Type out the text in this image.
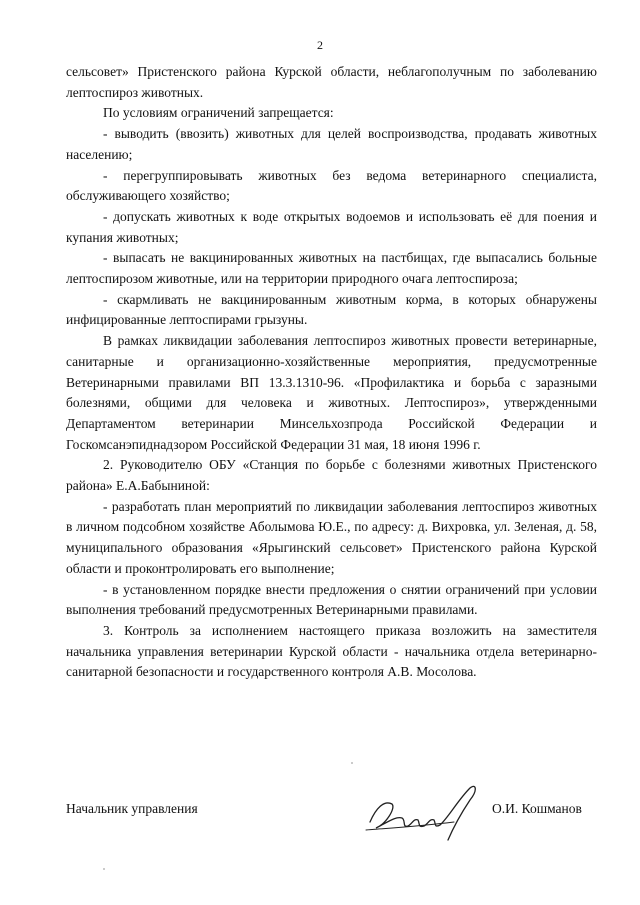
2

сельсовет» Пристенского района Курской области, неблагополучным по заболеванию лептоспироз животных.

По условиям ограничений запрещается:

- выводить (ввозить) животных для целей воспроизводства, продавать животных населению;

- перегруппировывать животных без ведома ветеринарного специалиста, обслуживающего хозяйство;

- допускать животных к воде открытых водоемов и использовать её для поения и купания животных;

- выпасать не вакцинированных животных на пастбищах, где выпасались больные лептоспирозом животные, или на территории природного очага лептоспироза;

- скармливать не вакцинированным животным корма, в которых обнаружены инфицированные лептоспирами грызуны.

В рамках ликвидации заболевания лептоспироз животных провести ветеринарные, санитарные и организационно-хозяйственные мероприятия, предусмотренные Ветеринарными правилами ВП 13.3.1310-96. «Профилактика и борьба с заразными болезнями, общими для человека и животных. Лептоспироз», утвержденными Департаментом ветеринарии Минсельхозпрода Российской Федерации и Госкомсанэпиднадзором Российской Федерации 31 мая, 18 июня 1996 г.

2. Руководителю ОБУ «Станция по борьбе с болезнями животных Пристенского района» Е.А.Бабыниной:

- разработать план мероприятий по ликвидации заболевания лептоспироз животных в личном подсобном хозяйстве Аболымова Ю.Е., по адресу: д. Вихровка, ул. Зеленая, д. 58, муниципального образования «Ярыгинский сельсовет» Пристенского района Курской области и проконтролировать его выполнение;

- в установленном порядке внести предложения о снятии ограничений при условии выполнения требований предусмотренных Ветеринарными правилами.

3. Контроль за исполнением настоящего приказа возложить на заместителя начальника управления ветеринарии Курской области - начальника отдела ветеринарно-санитарной безопасности и государственного контроля А.В. Мосолова.

Начальник управления	О.И. Кошманов
